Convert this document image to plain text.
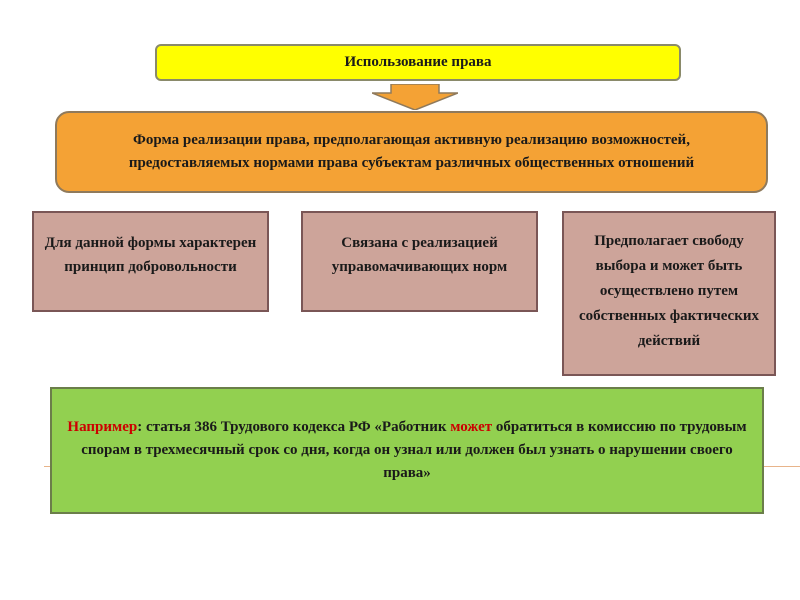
Использование права
Форма реализации права, предполагающая активную реализацию возможностей, предоставляемых нормами права субъектам различных общественных отношений
Для данной формы характерен принцип добровольности
Связана с реализацией управомачивающих норм
Предполагает свободу выбора и может быть осуществлено путем собственных фактических действий
Например: статья 386 Трудового кодекса РФ «Работник может обратиться в комиссию по трудовым спорам в трехмесячный срок со дня, когда он узнал или должен был узнать о нарушении своего права»
